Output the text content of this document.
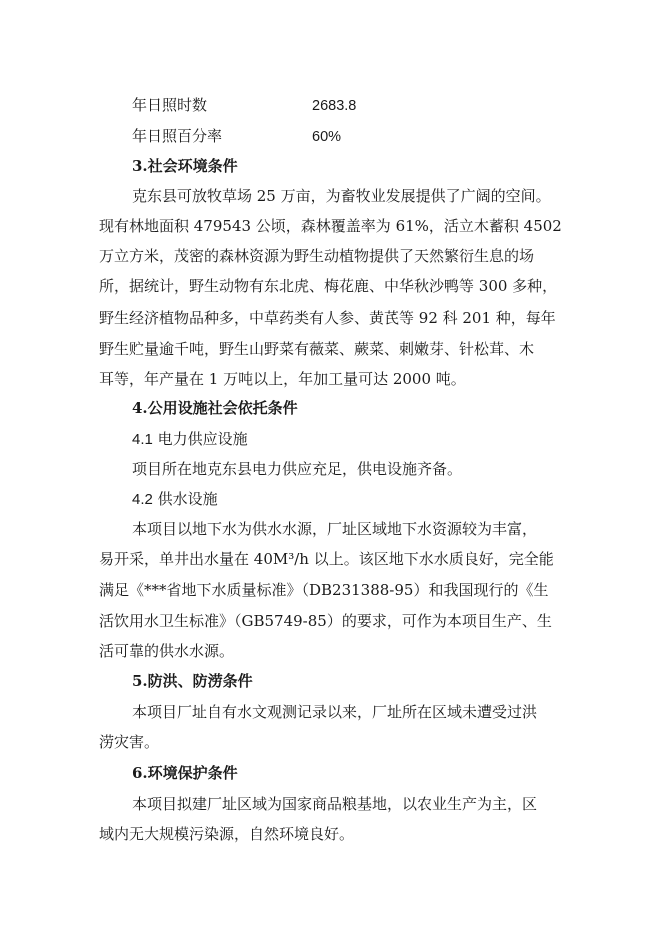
年日照时数	2683.8
年日照百分率	60%
3.社会环境条件
克东县可放牧草场 25 万亩，为畜牧业发展提供了广阔的空间。
现有林地面积 479543 公顷，森林覆盖率为 61%，活立木蓄积 4502
万立方米，茂密的森林资源为野生动植物提供了天然繁衍生息的场
所，据统计，野生动物有东北虎、梅花鹿、中华秋沙鸭等 300 多种，
野生经济植物品种多，中草药类有人参、黄芪等 92 科 201 种，每年
野生贮量逾千吨，野生山野菜有薇菜、蕨菜、刺嫩芽、针松茸、木
耳等，年产量在 1 万吨以上，年加工量可达 2000 吨。
4.公用设施社会依托条件
4.1 电力供应设施
项目所在地克东县电力供应充足，供电设施齐备。
4.2 供水设施
本项目以地下水为供水水源，厂址区域地下水资源较为丰富，
易开采，单井出水量在 40M³/h 以上。该区地下水水质良好，完全能
满足《***省地下水质量标准》（DB231388-95）和我国现行的《生
活饮用水卫生标准》（GB5749-85）的要求，可作为本项目生产、生
活可靠的供水水源。
5.防洪、防涝条件
本项目厂址自有水文观测记录以来，厂址所在区域未遭受过洪
涝灾害。
6.环境保护条件
本项目拟建厂址区域为国家商品粮基地，以农业生产为主，区
域内无大规模污染源，自然环境良好。
